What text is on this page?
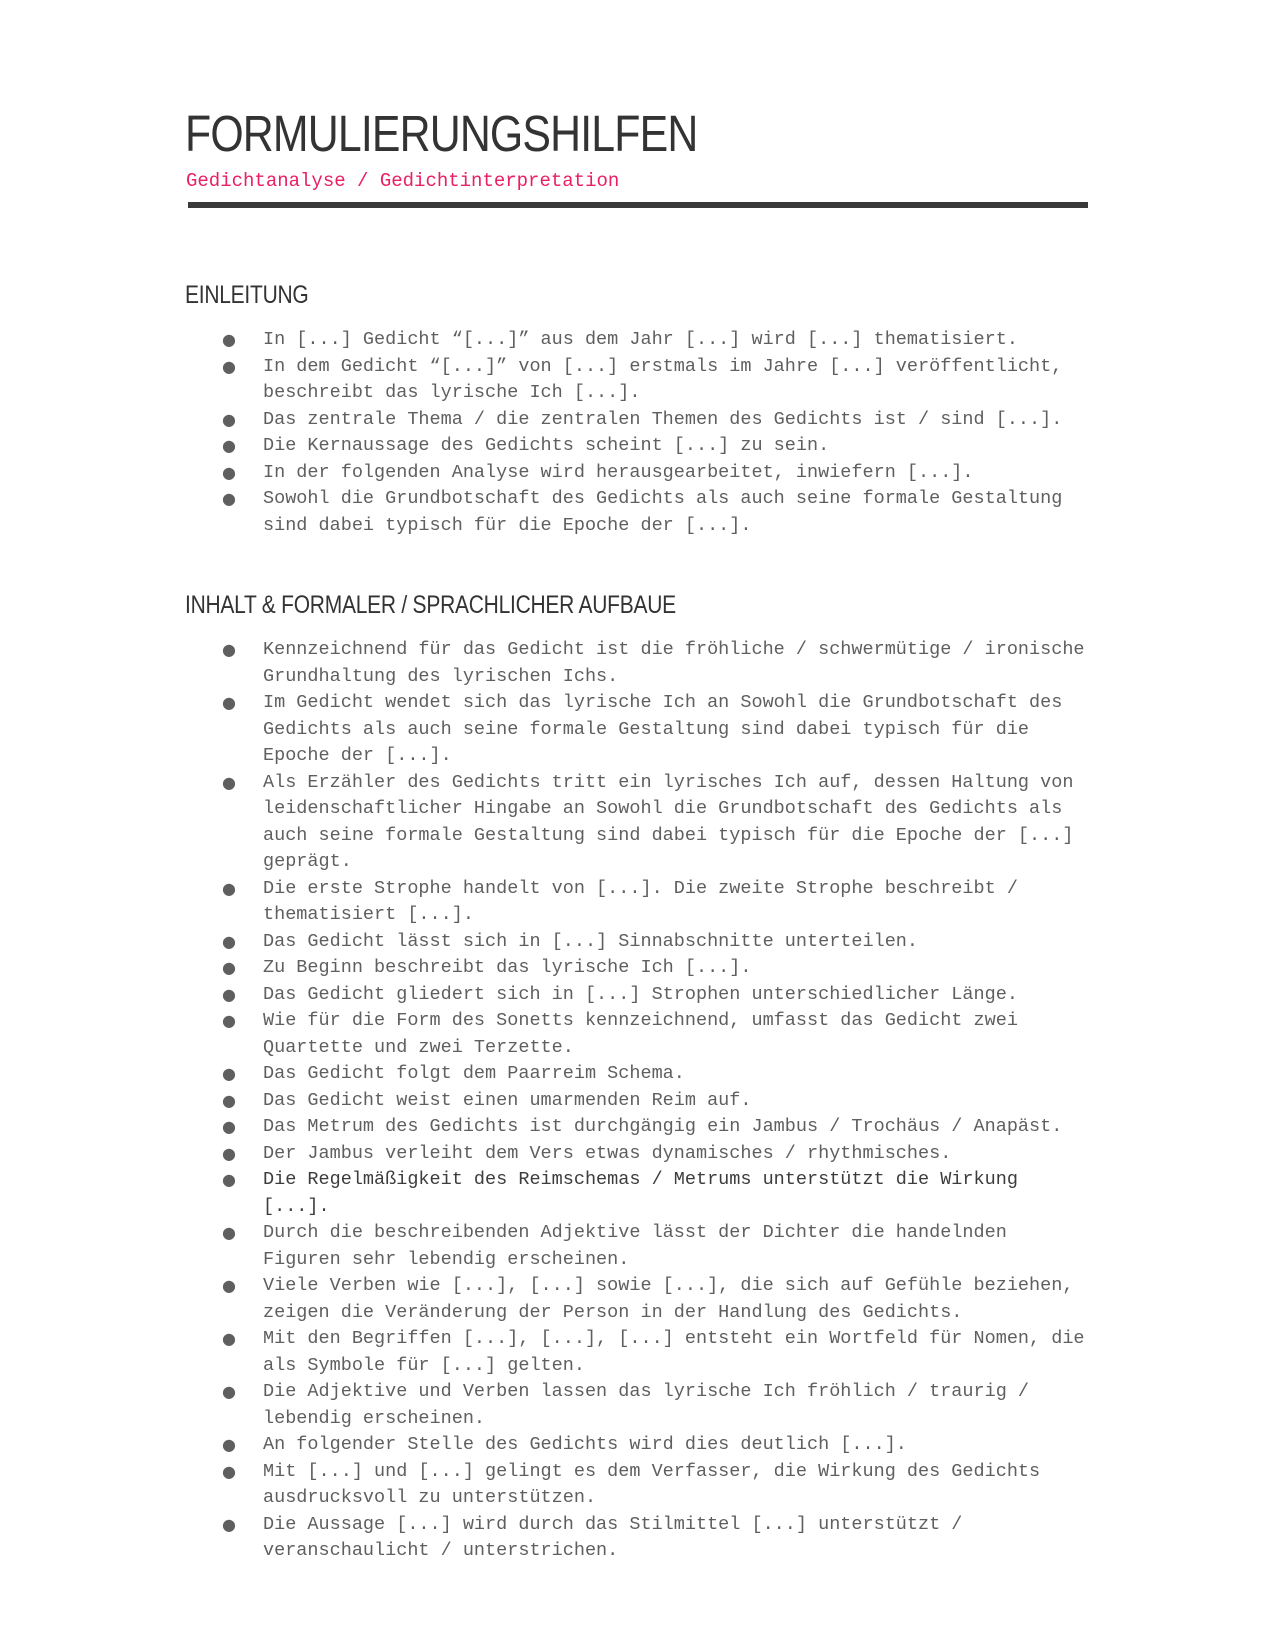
FORMULIERUNGSHILFEN
Gedichtanalyse / Gedichtinterpretation
EINLEITUNG
● In [...] Gedicht “[...]” aus dem Jahr [...] wird [...] thematisiert.
● In dem Gedicht “[...]” von [...] erstmals im Jahre [...] veröffentlicht, beschreibt das lyrische Ich [...].
● Das zentrale Thema / die zentralen Themen des Gedichts ist / sind [...].
● Die Kernaussage des Gedichts scheint [...] zu sein.
● In der folgenden Analyse wird herausgearbeitet, inwiefern [...].
● Sowohl die Grundbotschaft des Gedichts als auch seine formale Gestaltung sind dabei typisch für die Epoche der [...].
INHALT & FORMALER / SPRACHLICHER AUFBAUE
● Kennzeichnend für das Gedicht ist die fröhliche / schwermütige / ironische Grundhaltung des lyrischen Ichs.
● Im Gedicht wendet sich das lyrische Ich an Sowohl die Grundbotschaft des Gedichts als auch seine formale Gestaltung sind dabei typisch für die Epoche der [...].
● Als Erzähler des Gedichts tritt ein lyrisches Ich auf, dessen Haltung von leidenschaftlicher Hingabe an Sowohl die Grundbotschaft des Gedichts als auch seine formale Gestaltung sind dabei typisch für die Epoche der [...] geprägt.
● Die erste Strophe handelt von [...]. Die zweite Strophe beschreibt / thematisiert [...].
● Das Gedicht lässt sich in [...] Sinnabschnitte unterteilen.
● Zu Beginn beschreibt das lyrische Ich [...].
● Das Gedicht gliedert sich in [...] Strophen unterschiedlicher Länge.
● Wie für die Form des Sonetts kennzeichnend, umfasst das Gedicht zwei Quartette und zwei Terzette.
● Das Gedicht folgt dem Paarreim Schema.
● Das Gedicht weist einen umarmenden Reim auf.
● Das Metrum des Gedichts ist durchgängig ein Jambus / Trochäus / Anapäst.
● Der Jambus verleiht dem Vers etwas dynamisches / rhythmisches.
● Die Regelmäßigkeit des Reimschemas / Metrums unterstützt die Wirkung [...].
● Durch die beschreibenden Adjektive lässt der Dichter die handelnden Figuren sehr lebendig erscheinen.
● Viele Verben wie [...], [...] sowie [...], die sich auf Gefühle beziehen, zeigen die Veränderung der Person in der Handlung des Gedichts.
● Mit den Begriffen [...], [...], [...] entsteht ein Wortfeld für Nomen, die als Symbole für [...] gelten.
● Die Adjektive und Verben lassen das lyrische Ich fröhlich / traurig / lebendig erscheinen.
● An folgender Stelle des Gedichts wird dies deutlich [...].
● Mit [...] und [...] gelingt es dem Verfasser, die Wirkung des Gedichts ausdrucksvoll zu unterstützen.
● Die Aussage [...] wird durch das Stilmittel [...] unterstützt / veranschaulicht / unterstrichen.
